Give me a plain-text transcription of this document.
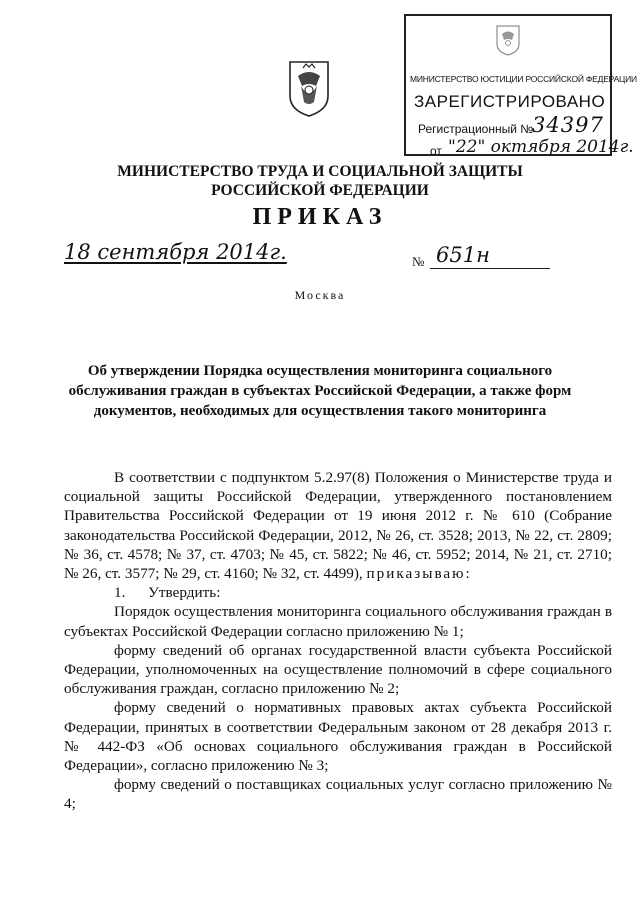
МИНИСТЕРСТВО ЮСТИЦИИ РОССИЙСКОЙ ФЕДЕРАЦИИ
ЗАРЕГИСТРИРОВАНО
Регистрационный №
34397
от "22" октября 2014г.
МИНИСТЕРСТВО ТРУДА И СОЦИАЛЬНОЙ ЗАЩИТЫ
РОССИЙСКОЙ ФЕДЕРАЦИИ
ПРИКАЗ
18 сентября 2014г.	№ 651н
Москва
Об утверждении Порядка осуществления мониторинга социального
обслуживания граждан в субъектах Российской Федерации, а также форм
документов, необходимых для осуществления такого мониторинга

В соответствии с подпунктом 5.2.97(8) Положения о Министерстве труда и социальной защиты Российской Федерации, утвержденного постановлением Правительства Российской Федерации от 19 июня 2012 г. № 610 (Собрание законодательства Российской Федерации, 2012, № 26, ст. 3528; 2013, № 22, ст. 2809; № 36, ст. 4578; № 37, ст. 4703; № 45, ст. 5822; № 46, ст. 5952; 2014, № 21, ст. 2710; № 26, ст. 3577; № 29, ст. 4160; № 32, ст. 4499), приказываю:

1.      Утвердить:

Порядок осуществления мониторинга социального обслуживания граждан в субъектах Российской Федерации согласно приложению № 1;

форму сведений об органах государственной власти субъекта Российской Федерации, уполномоченных на осуществление полномочий в сфере социального обслуживания граждан, согласно приложению № 2;

форму сведений о нормативных правовых актах субъекта Российской Федерации, принятых в соответствии Федеральным законом от 28 декабря 2013 г. № 442-ФЗ «Об основах социального обслуживания граждан в Российской Федерации», согласно приложению № 3;

форму сведений о поставщиках социальных услуг согласно приложению № 4;
